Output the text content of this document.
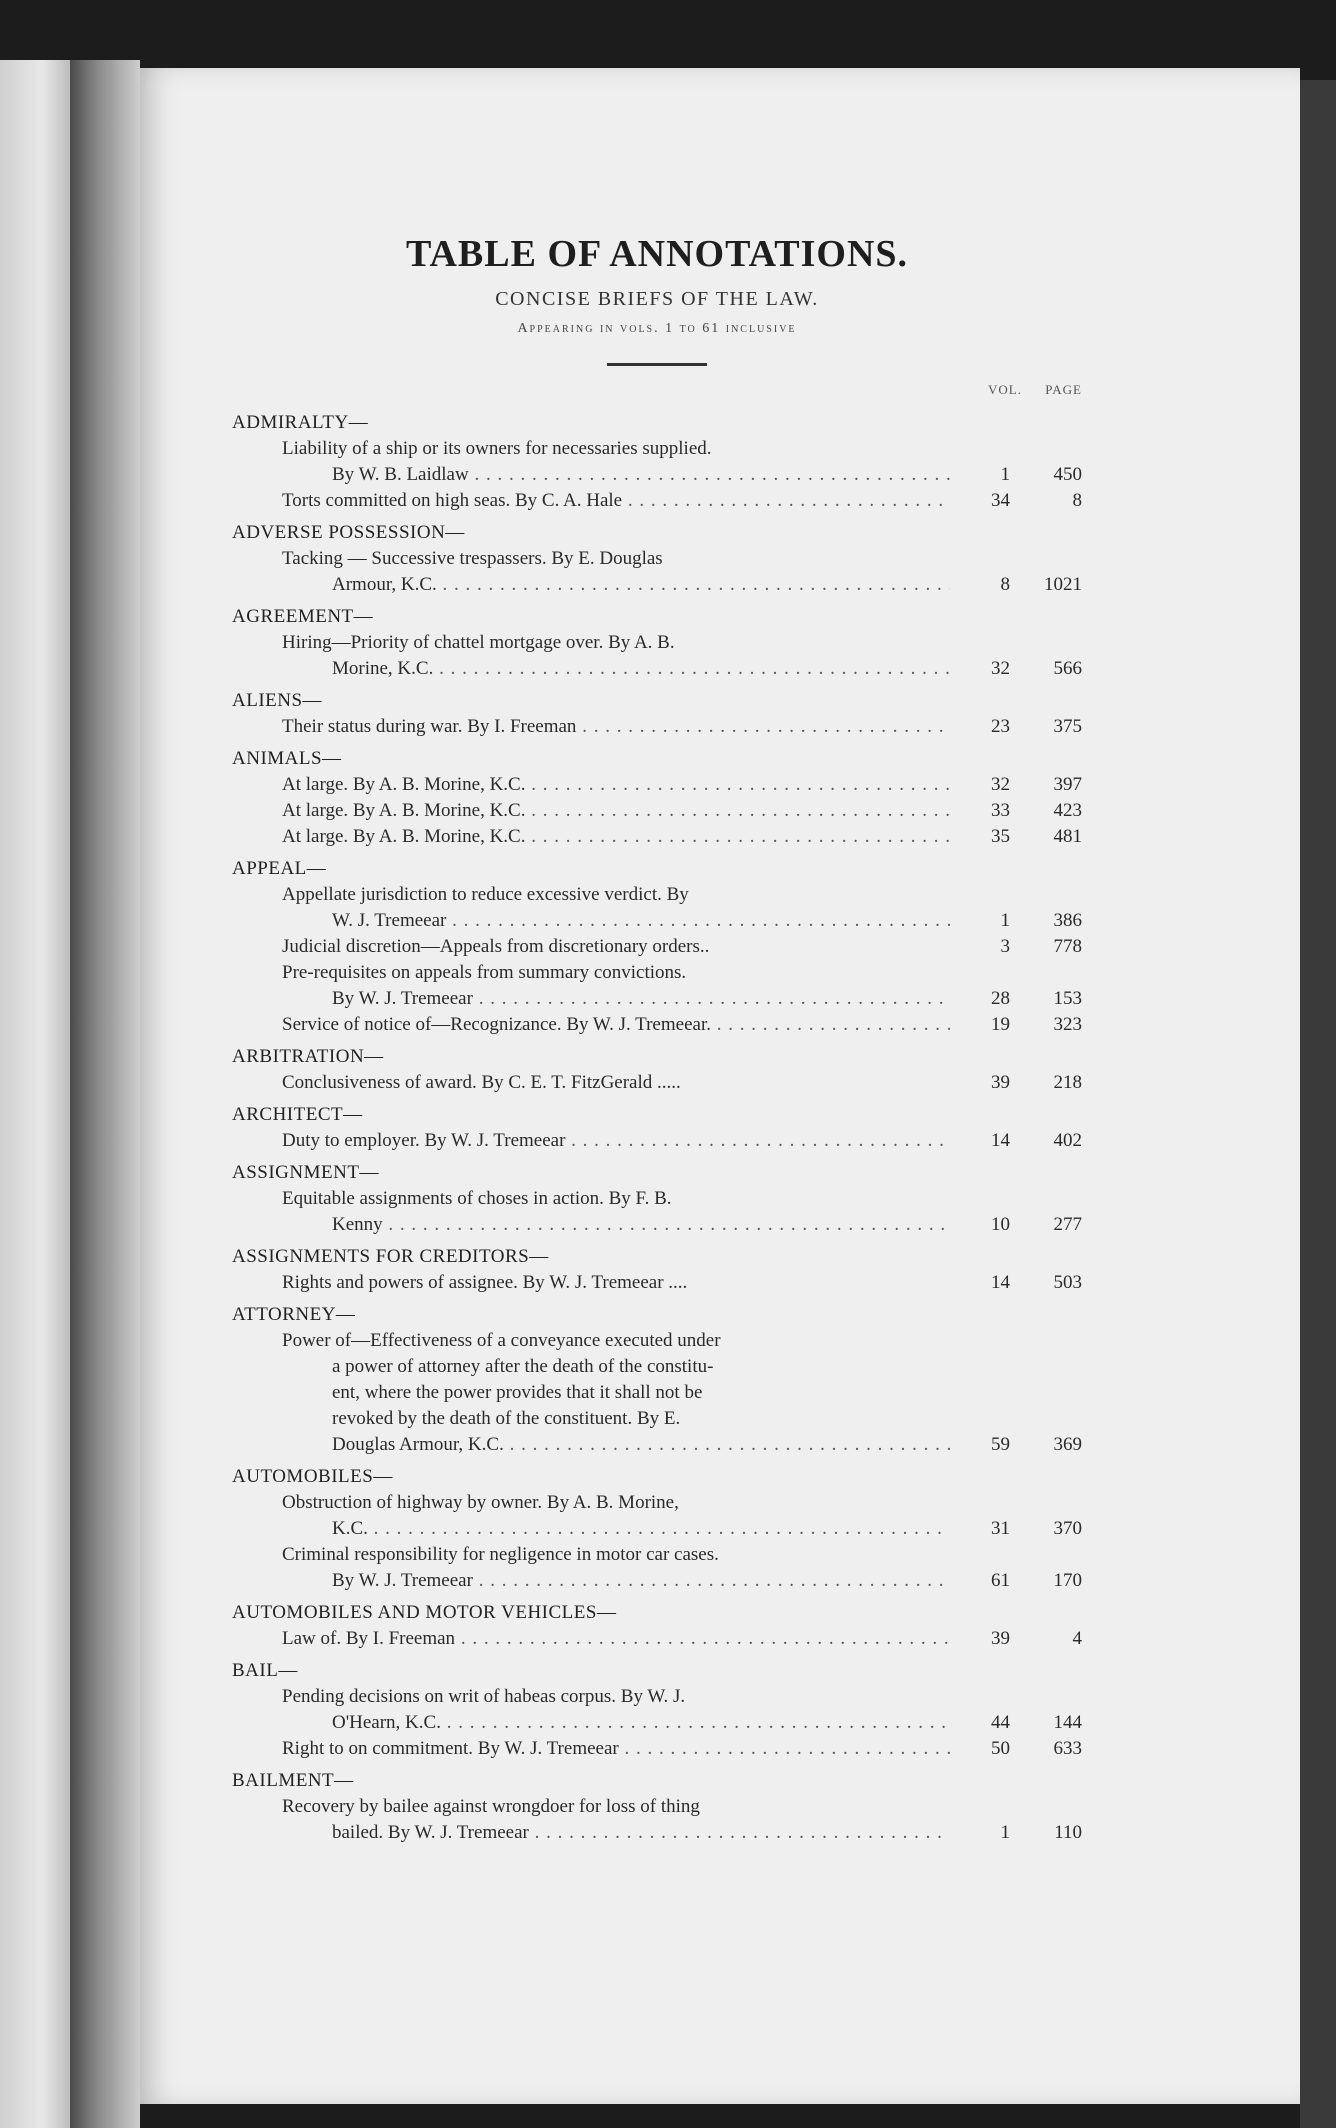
TABLE OF ANNOTATIONS.
CONCISE BRIEFS OF THE LAW.
Appearing in vols. 1 to 61 inclusive
VOL. PAGE
ADMIRALTY—
Liability of a ship or its owners for necessaries supplied.
By W. B. Laidlaw . . .	1	450
Torts committed on high seas. By C. A. Hale . . .	34	8
ADVERSE POSSESSION—
Tacking — Successive trespassers. By E. Douglas
Armour, K.C. . . .	8	1021
AGREEMENT—
Hiring—Priority of chattel mortgage over. By A. B.
Morine, K.C. . . .	32	566
ALIENS—
Their status during war. By I. Freeman . . .	23	375
ANIMALS—
At large. By A. B. Morine, K.C. . . .	32	397
At large. By A. B. Morine, K.C. . . .	33	423
At large. By A. B. Morine, K.C. . . .	35	481
APPEAL—
Appellate jurisdiction to reduce excessive verdict. By
W. J. Tremeear . . .	1	386
Judicial discretion—Appeals from discretionary orders..	3	778
Pre-requisites on appeals from summary convictions.
By W. J. Tremeear . . .	28	153
Service of notice of—Recognizance. By W. J. Tremeear. . . .	19	323
ARBITRATION—
Conclusiveness of award. By C. E. T. FitzGerald .....	39	218
ARCHITECT—
Duty to employer. By W. J. Tremeear . . .	14	402
ASSIGNMENT—
Equitable assignments of choses in action. By F. B.
Kenny . . .	10	277
ASSIGNMENTS FOR CREDITORS—
Rights and powers of assignee. By W. J. Tremeear ....	14	503
ATTORNEY—
Power of—Effectiveness of a conveyance executed under
a power of attorney after the death of the constitu-
ent, where the power provides that it shall not be
revoked by the death of the constituent. By E.
Douglas Armour, K.C. . . .	59	369
AUTOMOBILES—
Obstruction of highway by owner. By A. B. Morine,
K.C. . . .	31	370
Criminal responsibility for negligence in motor car cases.
By W. J. Tremeear . . .	61	170
AUTOMOBILES AND MOTOR VEHICLES—
Law of. By I. Freeman . . .	39	4
BAIL—
Pending decisions on writ of habeas corpus. By W. J.
O'Hearn, K.C. . . .	44	144
Right to on commitment. By W. J. Tremeear . . .	50	633
BAILMENT—
Recovery by bailee against wrongdoer for loss of thing
bailed. By W. J. Tremeear . . .	1	110
